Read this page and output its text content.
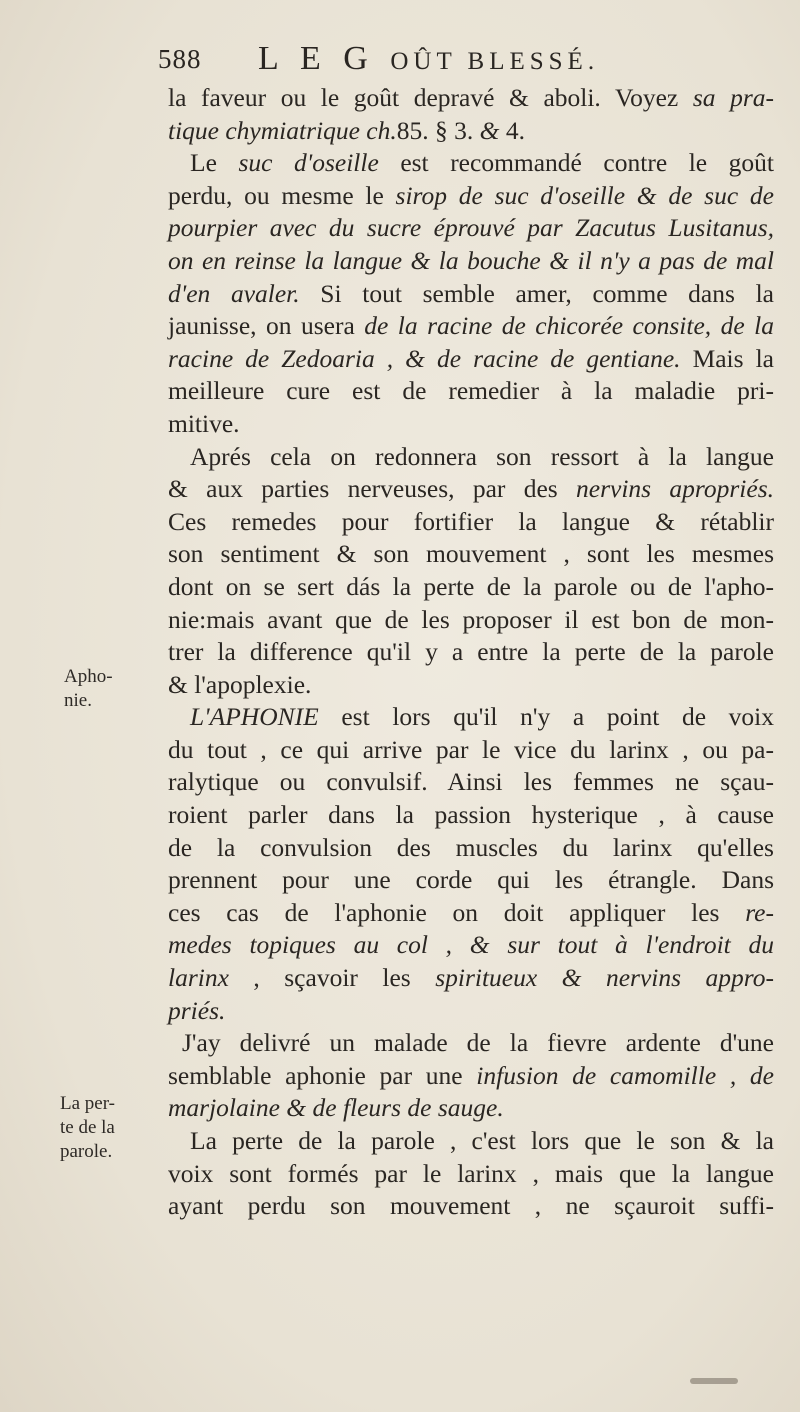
588 L E G OÛT BLESSÉ.
Apho-
nie.
La per-
te de la
parole.
la faveur ou le goût depravé & aboli. Voyez sa pra-
tique chymiatrique ch.85. § 3. & 4.
Le suc d'oseille est recommandé contre le goût
perdu, ou mesme le sirop de suc d'oseille & de suc de
pourpier avec du sucre éprouvé par Zacutus Lusitanus,
on en reinse la langue & la bouche & il n'y a pas de mal
d'en avaler. Si tout semble amer, comme dans la
jaunisse, on usera de la racine de chicorée consite, de la
racine de Zedoaria , & de racine de gentiane. Mais la
meilleure cure est de remedier à la maladie pri-
mitive.
Aprés cela on redonnera son ressort à la langue
& aux parties nerveuses, par des nervins apropriés.
Ces remedes pour fortifier la langue & rétablir
son sentiment & son mouvement , sont les mesmes
dont on se sert dás la perte de la parole ou de l'apho-
nie:mais avant que de les proposer il est bon de mon-
trer la difference qu'il y a entre la perte de la parole
& l'apoplexie.
L'APHONIE est lors qu'il n'y a point de voix
du tout , ce qui arrive par le vice du larinx , ou pa-
ralytique ou convulsif. Ainsi les femmes ne sçau-
roient parler dans la passion hysterique , à cause
de la convulsion des muscles du larinx qu'elles
prennent pour une corde qui les étrangle. Dans
ces cas de l'aphonie on doit appliquer les re-
medes topiques au col , & sur tout à l'endroit du
larinx , sçavoir les spiritueux & nervins appro-
priés.
J'ay delivré un malade de la fievre ardente d'une
semblable aphonie par une infusion de camomille , de
marjolaine & de fleurs de sauge.
La perte de la parole , c'est lors que le son & la
voix sont formés par le larinx , mais que la langue
ayant perdu son mouvement , ne sçauroit suffi-
